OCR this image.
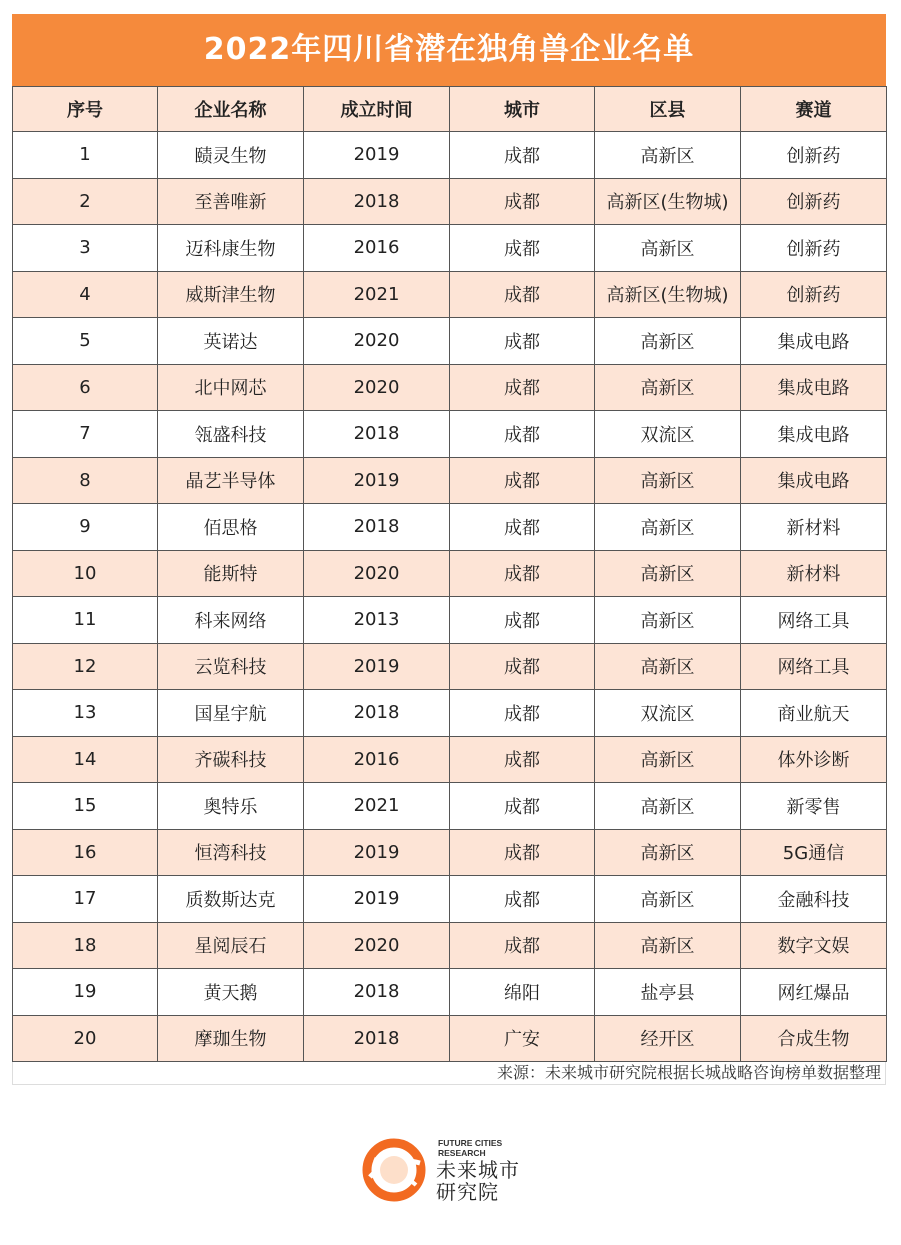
2022年四川省潜在独角兽企业名单
序号	企业名称	成立时间	城市	区县	赛道
1	赜灵生物	2019	成都	高新区	创新药
2	至善唯新	2018	成都	高新区(生物城)	创新药
3	迈科康生物	2016	成都	高新区	创新药
4	威斯津生物	2021	成都	高新区(生物城)	创新药
5	英诺达	2020	成都	高新区	集成电路
6	北中网芯	2020	成都	高新区	集成电路
7	瓴盛科技	2018	成都	双流区	集成电路
8	晶艺半导体	2019	成都	高新区	集成电路
9	佰思格	2018	成都	高新区	新材料
10	能斯特	2020	成都	高新区	新材料
11	科来网络	2013	成都	高新区	网络工具
12	云览科技	2019	成都	高新区	网络工具
13	国星宇航	2018	成都	双流区	商业航天
14	齐碳科技	2016	成都	高新区	体外诊断
15	奥特乐	2021	成都	高新区	新零售
16	恒湾科技	2019	成都	高新区	5G通信
17	质数斯达克	2019	成都	高新区	金融科技
18	星阅辰石	2020	成都	高新区	数字文娱
19	黄天鹅	2018	绵阳	盐亭县	网红爆品
20	摩珈生物	2018	广安	经开区	合成生物
来源：未来城市研究院根据长城战略咨询榜单数据整理
FUTURE CITIES
RESEARCH
未来城市
研究院
